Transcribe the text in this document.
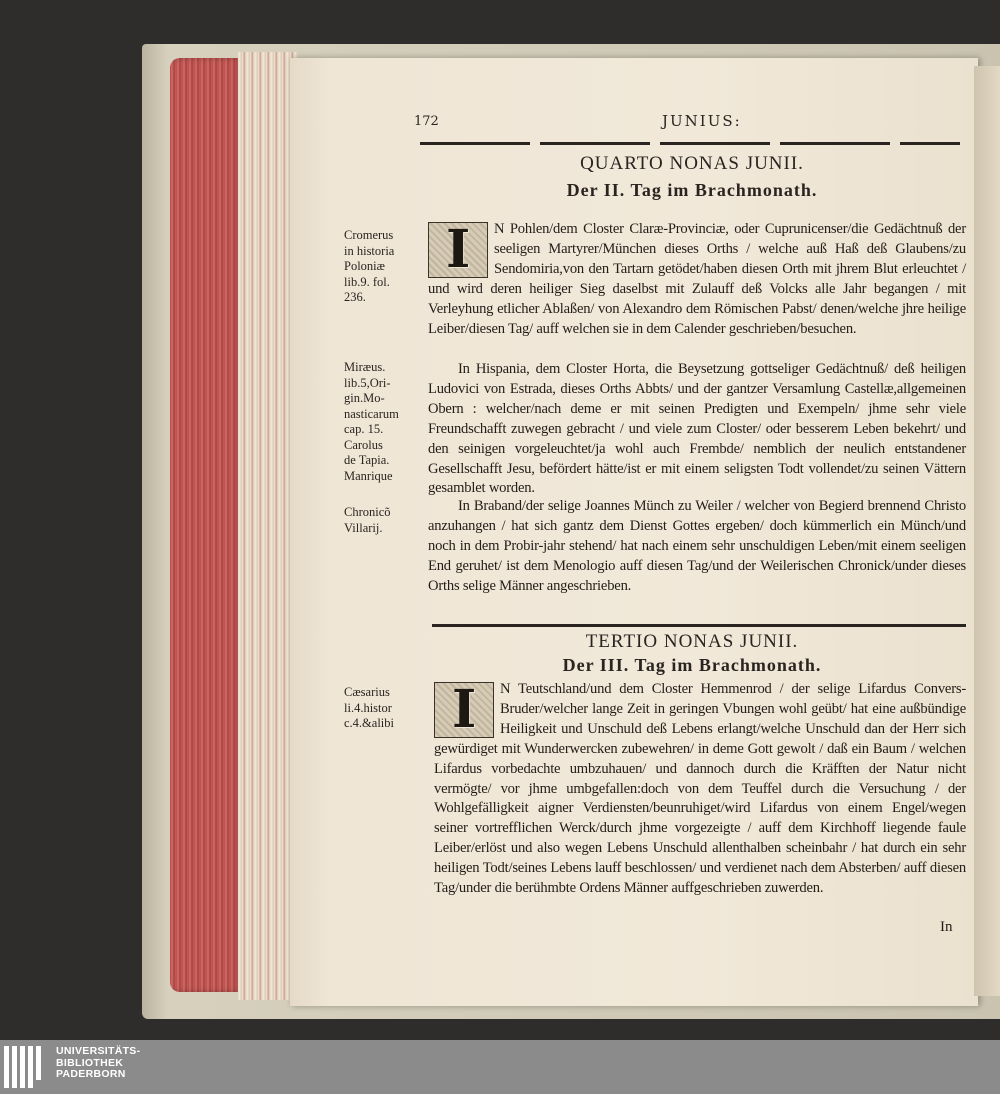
172	JUNIUS:
QUARTO NONAS JUNII.
Der II. Tag im Brachmonath.
Cromerus
in historia
Poloniæ
lib.9. fol.
236.
Miræus.
lib.5,Ori-
gin.Mo-
nasticarum
cap. 15.
Carolus
de Tapia.
Manrique
Chronicõ
Villarij.
I	N Pohlen/dem Closter Claræ-Provinciæ, oder Cuprunicenser/die Gedächtnuß der seeligen Martyrer/München dieses Orths / welche auß Haß deß Glaubens/zu Sendomiria,von den Tartarn getödet/haben diesen Orth mit jhrem Blut erleuchtet / und wird deren heiliger Sieg daselbst mit Zulauff deß Volcks alle Jahr begangen / mit Verleyhung etlicher Ablaßen/ von Alexandro dem Römischen Pabst/ denen/welche jhre heilige Leiber/diesen Tag/ auff welchen sie in dem Calender geschrieben/besuchen.
In Hispania, dem Closter Horta, die Beysetzung gottseliger Gedächtnuß/ deß heiligen Ludovici von Estrada, dieses Orths Abbts/ und der gantzer Versamlung Castellæ,allgemeinen Obern : welcher/nach deme er mit seinen Predigten und Exempeln/ jhme sehr viele Freundschafft zuwegen gebracht / und viele zum Closter/ oder besserem Leben bekehrt/ und den seinigen vorgeleuchtet/ja wohl auch Frembde/ nemblich der neulich entstandener Gesellschafft Jesu, befördert hätte/ist er mit einem seligsten Todt vollendet/zu seinen Vättern gesamblet worden.
In Braband/der selige Joannes Münch zu Weiler / welcher von Begierd brennend Christo anzuhangen / hat sich gantz dem Dienst Gottes ergeben/ doch kümmerlich ein Münch/und noch in dem Probir-jahr stehend/ hat nach einem sehr unschuldigen Leben/mit einem seeligen End geruhet/ ist dem Menologio auff diesen Tag/und der Weilerischen Chronick/under dieses Orths selige Männer angeschrieben.
TERTIO NONAS JUNII.
Der III. Tag im Brachmonath.
Cæsarius
li.4.histor
c.4.&alibi	I	N Teutschland/und dem Closter Hemmenrod / der selige Lifardus Convers-Bruder/welcher lange Zeit in geringen Vbungen wohl geübt/ hat eine außbündige Heiligkeit und Unschuld deß Lebens erlangt/welche Unschuld dan der Herr sich gewürdiget mit Wunderwercken zubewehren/ in deme Gott gewolt / daß ein Baum / welchen Lifardus vorbedachte umbzuhauen/ und dannoch durch die Kräfften der Natur nicht vermögte/ vor jhme umbgefallen:doch von dem Teuffel durch die Versuchung / der Wohlgefälligkeit aigner Verdiensten/beunruhiget/wird Lifardus von einem Engel/wegen seiner vortrefflichen Werck/durch jhme vorgezeigte / auff dem Kirchhoff liegende faule Leiber/erlöst und also wegen Lebens Unschuld allenthalben scheinbahr / hat durch ein sehr heiligen Todt/seines Lebens lauff beschlossen/ und verdienet nach dem Absterben/ auff diesen Tag/under die berühmbte Ordens Männer auffgeschrieben zuwerden.
In
UNIVERSITÄTS-
BIBLIOTHEK
PADERBORN
